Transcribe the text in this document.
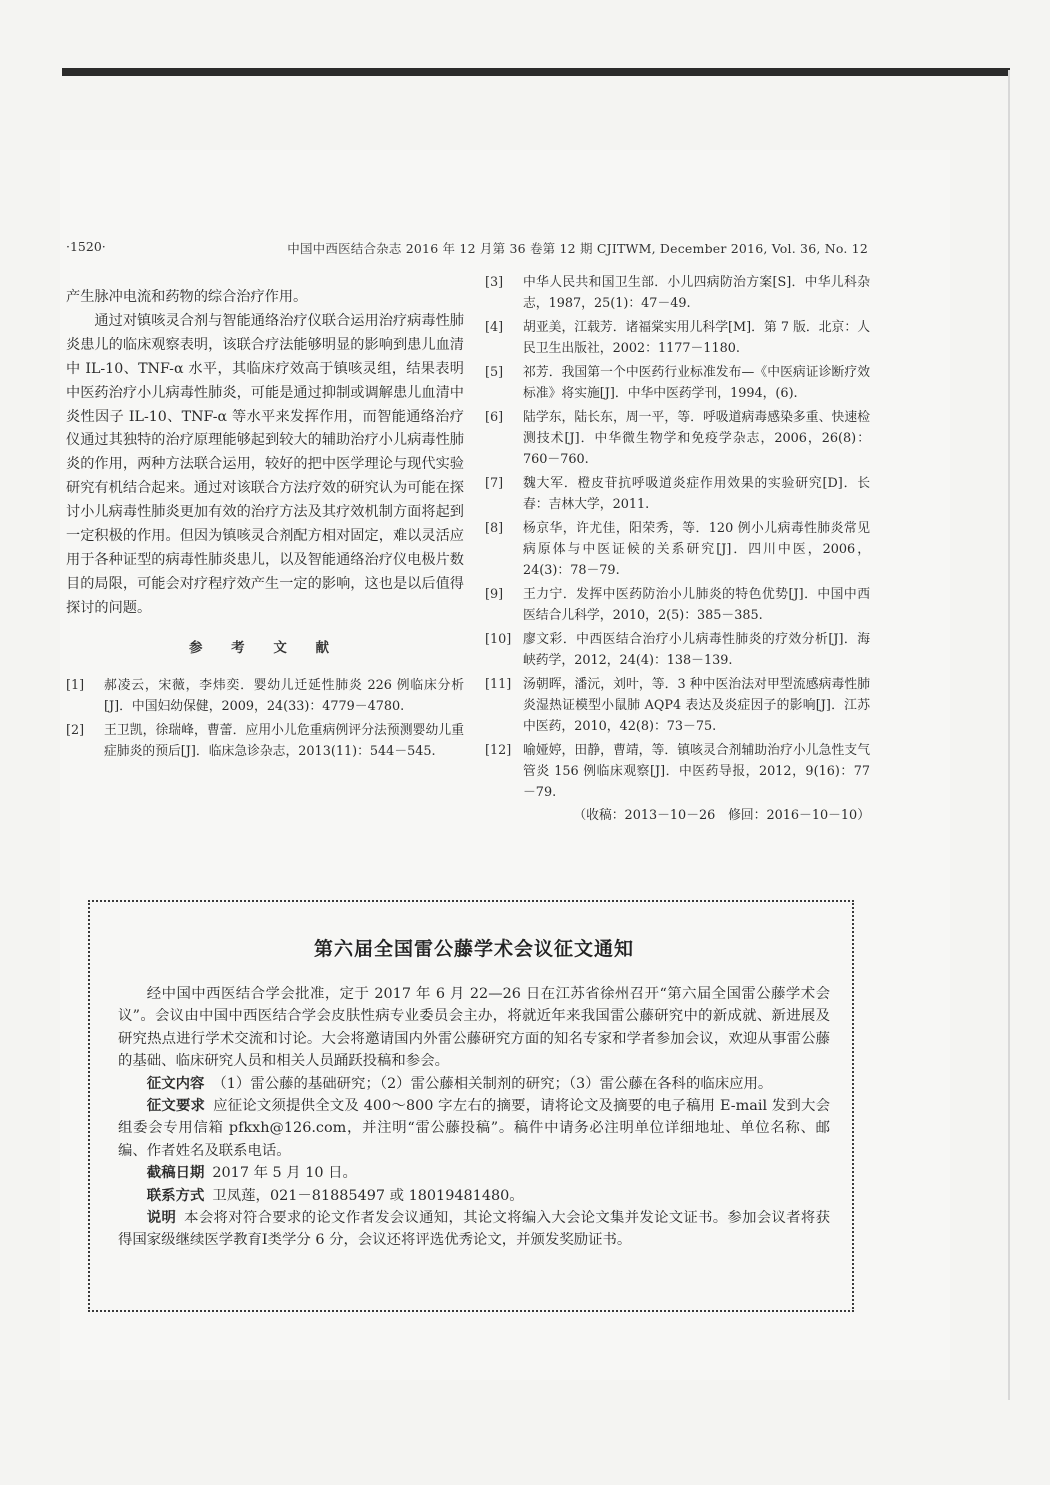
·1520·	中国中西医结合杂志 2016 年 12 月第 36 卷第 12 期 CJITWM, December 2016, Vol. 36, No. 12

产生脉冲电流和药物的综合治疗作用。

通过对镇咳灵合剂与智能通络治疗仪联合运用治疗病毒性肺炎患儿的临床观察表明，该联合疗法能够明显的影响到患儿血清中 IL-10、TNF-α 水平，其临床疗效高于镇咳灵组，结果表明中医药治疗小儿病毒性肺炎，可能是通过抑制或调解患儿血清中炎性因子 IL-10、TNF-α 等水平来发挥作用，而智能通络治疗仪通过其独特的治疗原理能够起到较大的辅助治疗小儿病毒性肺炎的作用，两种方法联合运用，较好的把中医学理论与现代实验研究有机结合起来。通过对该联合方法疗效的研究认为可能在探讨小儿病毒性肺炎更加有效的治疗方法及其疗效机制方面将起到一定积极的作用。但因为镇咳灵合剂配方相对固定，难以灵活应用于各种证型的病毒性肺炎患儿，以及智能通络治疗仪电极片数目的局限，可能会对疗程疗效产生一定的影响，这也是以后值得探讨的问题。

参 考 文 献
[1]	郝凌云，宋薇，李炜奕．婴幼儿迁延性肺炎 226 例临床分析[J]．中国妇幼保健，2009，24(33)：4779－4780.
[2]	王卫凯，徐瑞峰，曹蕾．应用小儿危重病例评分法预测婴幼儿重症肺炎的预后[J]．临床急诊杂志，2013(11)：544－545.
[3]	中华人民共和国卫生部．小儿四病防治方案[S]．中华儿科杂志，1987，25(1)：47－49.
[4]	胡亚美，江载芳．诸福棠实用儿科学[M]．第 7 版．北京：人民卫生出版社，2002：1177－1180.
[5]	祁芳．我国第一个中医药行业标准发布—《中医病证诊断疗效标准》将实施[J]．中华中医药学刊，1994，(6).
[6]	陆学东，陆长东，周一平，等．呼吸道病毒感染多重、快速检测技术[J]．中华微生物学和免疫学杂志，2006，26(8)：760－760.
[7]	魏大军．橙皮苷抗呼吸道炎症作用效果的实验研究[D]．长春：吉林大学，2011.
[8]	杨京华，许尤佳，阳荣秀，等．120 例小儿病毒性肺炎常见病原体与中医证候的关系研究[J]．四川中医，2006，24(3)：78－79.
[9]	王力宁．发挥中医药防治小儿肺炎的特色优势[J]．中国中西医结合儿科学，2010，2(5)：385－385.
[10] 廖文彩．中西医结合治疗小儿病毒性肺炎的疗效分析[J]．海峡药学，2012，24(4)：138－139.
[11] 汤朝晖，潘沅，刘叶，等．3 种中医治法对甲型流感病毒性肺炎湿热证模型小鼠肺 AQP4 表达及炎症因子的影响[J]．江苏中医药，2010，42(8)：73－75.
[12] 喻娅婷，田静，曹靖，等．镇咳灵合剂辅助治疗小儿急性支气管炎 156 例临床观察[J]．中医药导报，2012，9(16)：77－79.
（收稿：2013－10－26　修回：2016－10－10）
第六届全国雷公藤学术会议征文通知

经中国中西医结合学会批准，定于 2017 年 6 月 22—26 日在江苏省徐州召开“第六届全国雷公藤学术会议”。会议由中国中西医结合学会皮肤性病专业委员会主办，将就近年来我国雷公藤研究中的新成就、新进展及研究热点进行学术交流和讨论。大会将邀请国内外雷公藤研究方面的知名专家和学者参加会议，欢迎从事雷公藤的基础、临床研究人员和相关人员踊跃投稿和参会。

征文内容 （1）雷公藤的基础研究；（2）雷公藤相关制剂的研究；（3）雷公藤在各科的临床应用。

征文要求 应征论文须提供全文及 400～800 字左右的摘要，请将论文及摘要的电子稿用 E-mail 发到大会组委会专用信箱 pfkxh@126.com，并注明“雷公藤投稿”。稿件中请务必注明单位详细地址、单位名称、邮编、作者姓名及联系电话。

截稿日期 2017 年 5 月 10 日。

联系方式 卫凤莲，021－81885497 或 18019481480。

说明 本会将对符合要求的论文作者发会议通知，其论文将编入大会论文集并发论文证书。参加会议者将获得国家级继续医学教育Ⅰ类学分 6 分，会议还将评选优秀论文，并颁发奖励证书。
